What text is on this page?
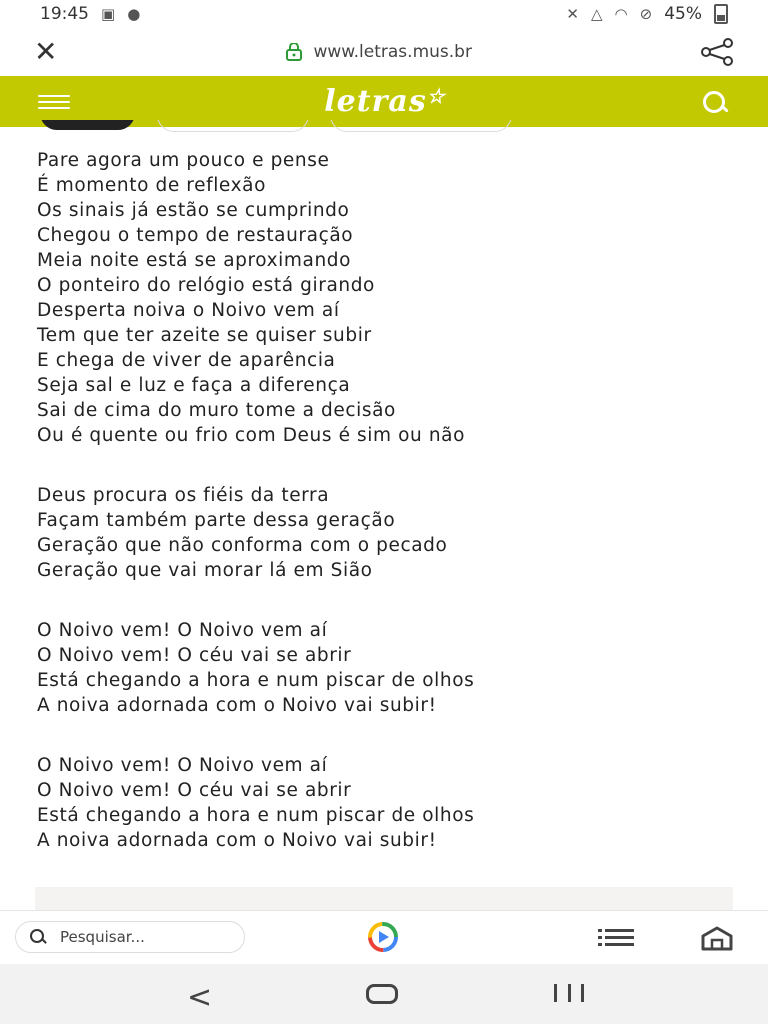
19:45 ▣ ●	✕ △ ◠ ⊘ 45%
✕	www.letras.mus.br
letras☆
Pare agora um pouco e pense
É momento de reflexão
Os sinais já estão se cumprindo
Chegou o tempo de restauração
Meia noite está se aproximando
O ponteiro do relógio está girando
Desperta noiva o Noivo vem aí
Tem que ter azeite se quiser subir
E chega de viver de aparência
Seja sal e luz e faça a diferença
Sai de cima do muro tome a decisão
Ou é quente ou frio com Deus é sim ou não
Deus procura os fiéis da terra
Façam também parte dessa geração
Geração que não conforma com o pecado
Geração que vai morar lá em Sião
O Noivo vem! O Noivo vem aí
O Noivo vem! O céu vai se abrir
Está chegando a hora e num piscar de olhos
A noiva adornada com o Noivo vai subir!
O Noivo vem! O Noivo vem aí
O Noivo vem! O céu vai se abrir
Está chegando a hora e num piscar de olhos
A noiva adornada com o Noivo vai subir!
Pesquisar...
<
